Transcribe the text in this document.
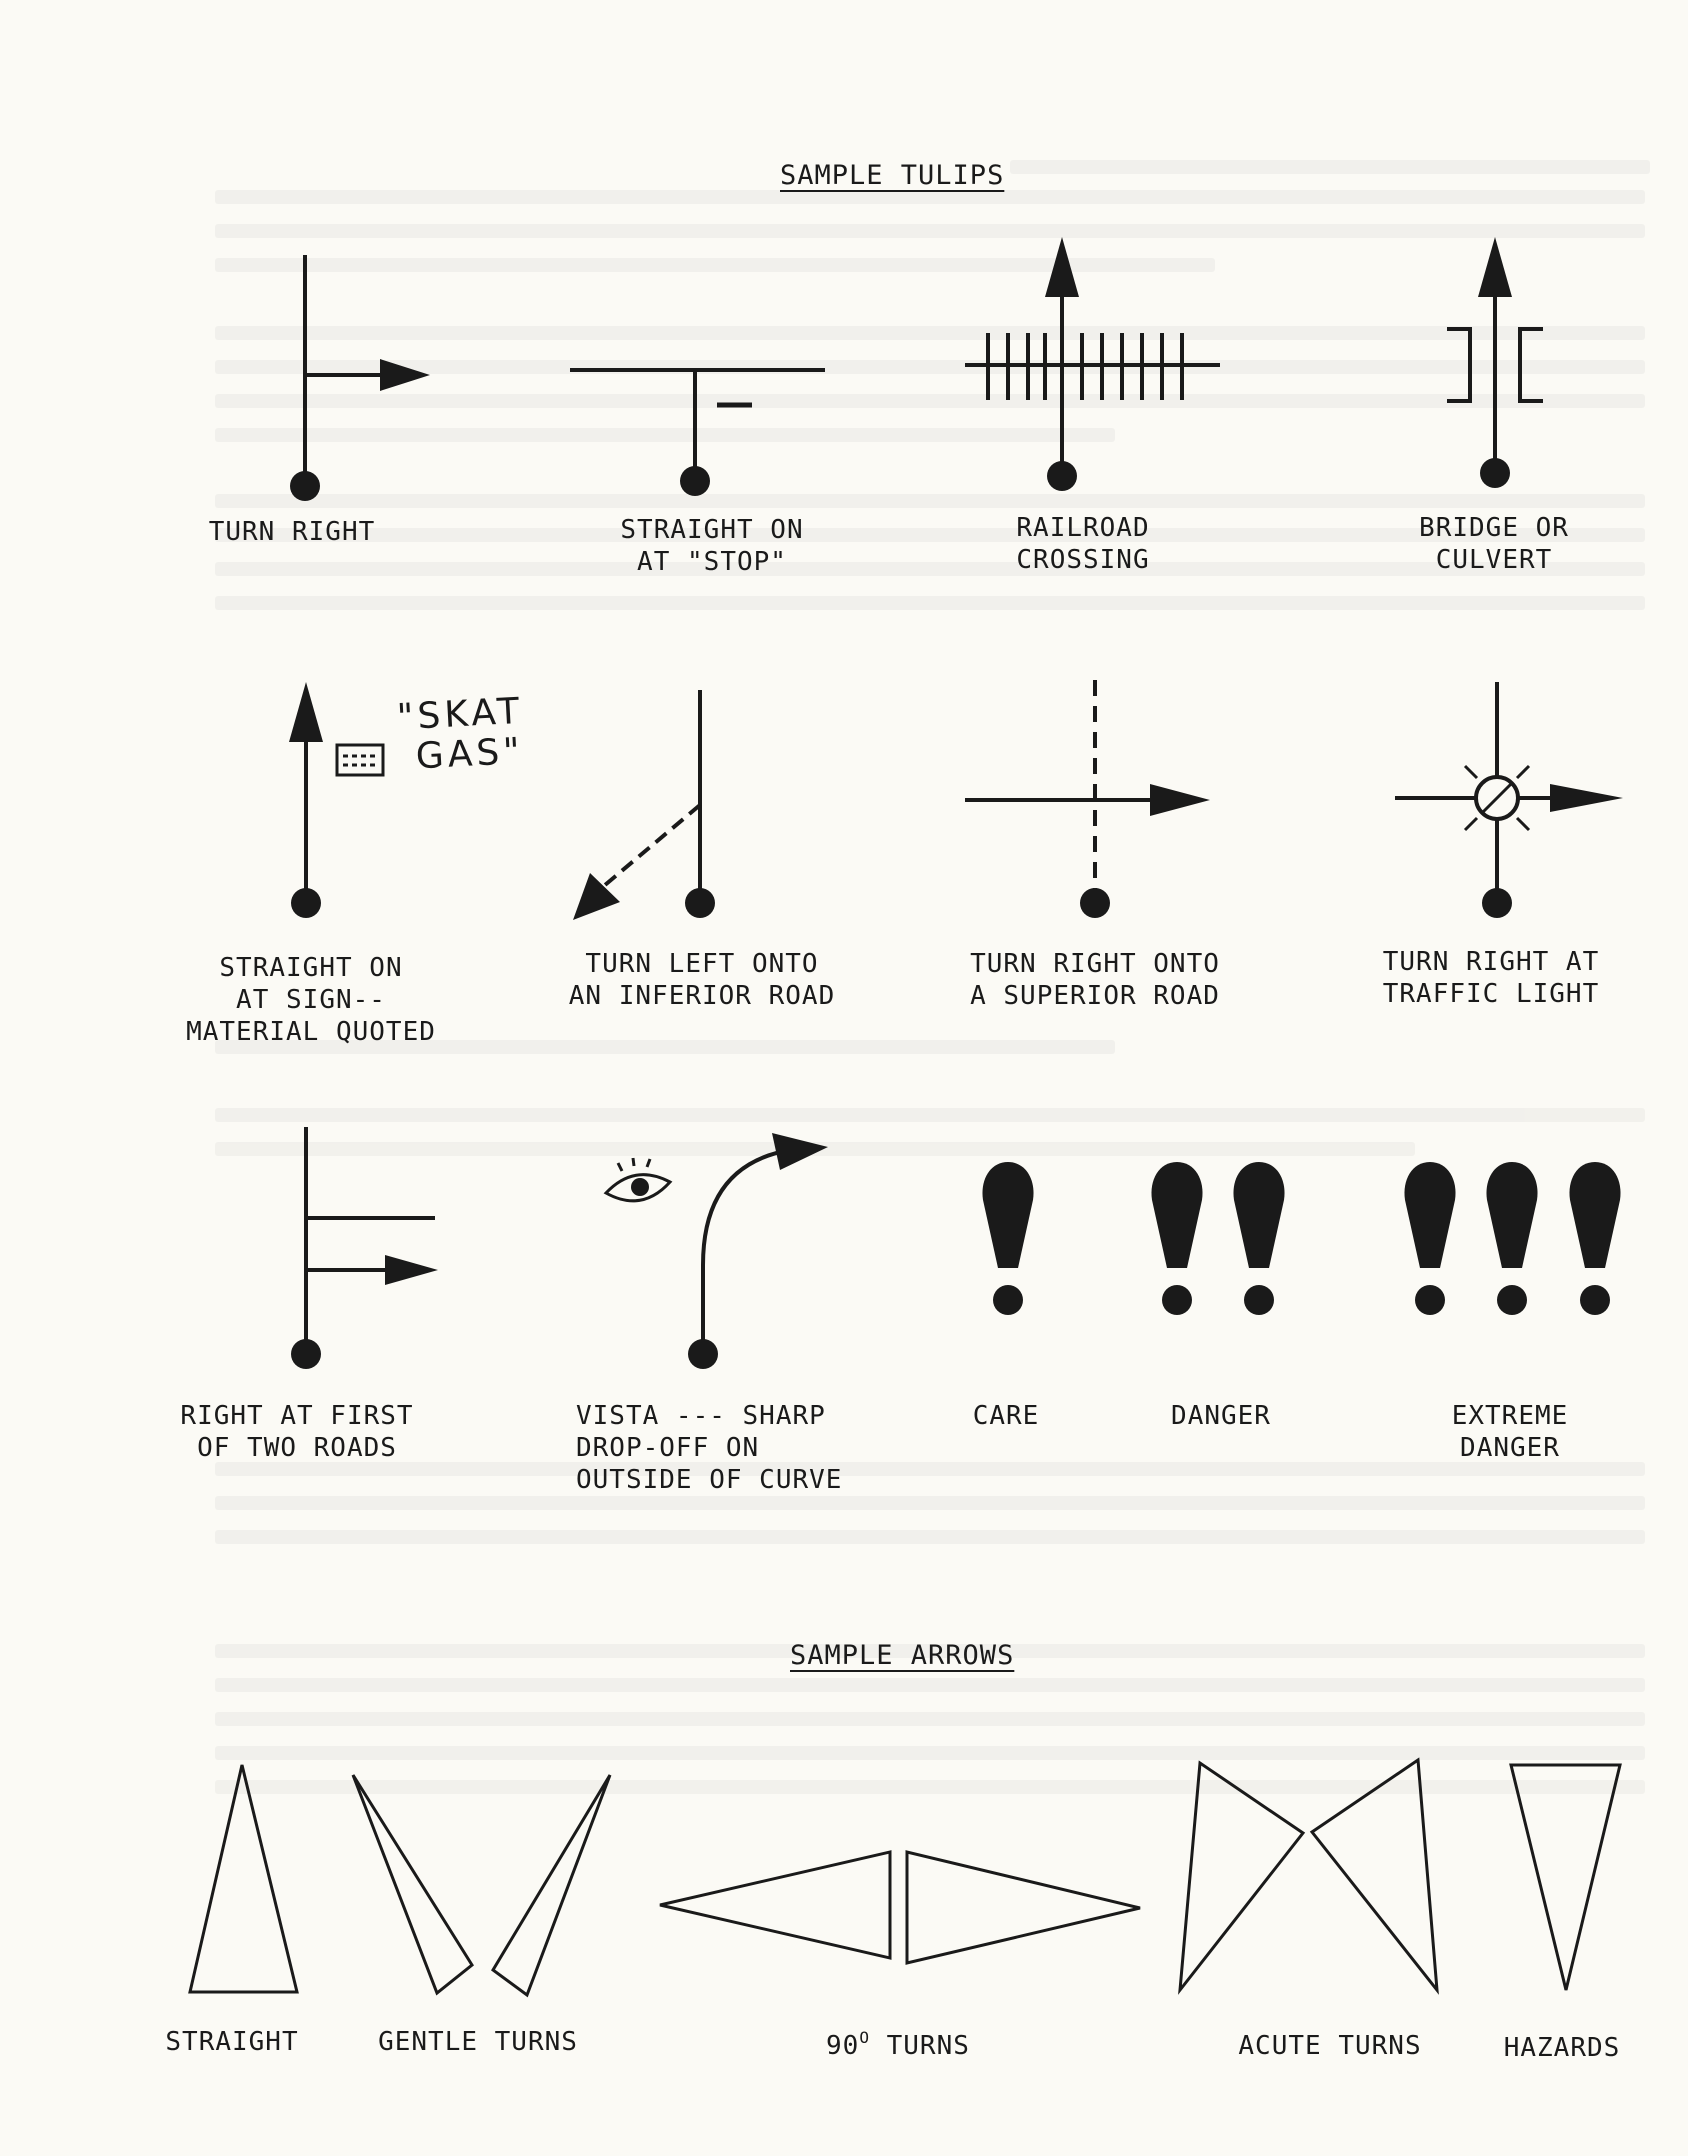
SAMPLE TULIPS
TURN RIGHT	STRAIGHT ON
AT "STOP"
RAILROAD
CROSSING
BRIDGE OR
CULVERT
"SKAT
GAS"
STRAIGHT ON
AT SIGN--
MATERIAL QUOTED
TURN LEFT ONTO
AN INFERIOR ROAD
TURN RIGHT ONTO
A SUPERIOR ROAD
TURN RIGHT AT
TRAFFIC LIGHT
RIGHT AT FIRST
OF TWO ROADS
VISTA --- SHARP
DROP-OFF ON
OUTSIDE OF CURVE
CARE	DANGER	EXTREME
DANGER
SAMPLE ARROWS
STRAIGHT	GENTLE TURNS	$90^O$ TURNS	ACUTE TURNS	HAZARDS
